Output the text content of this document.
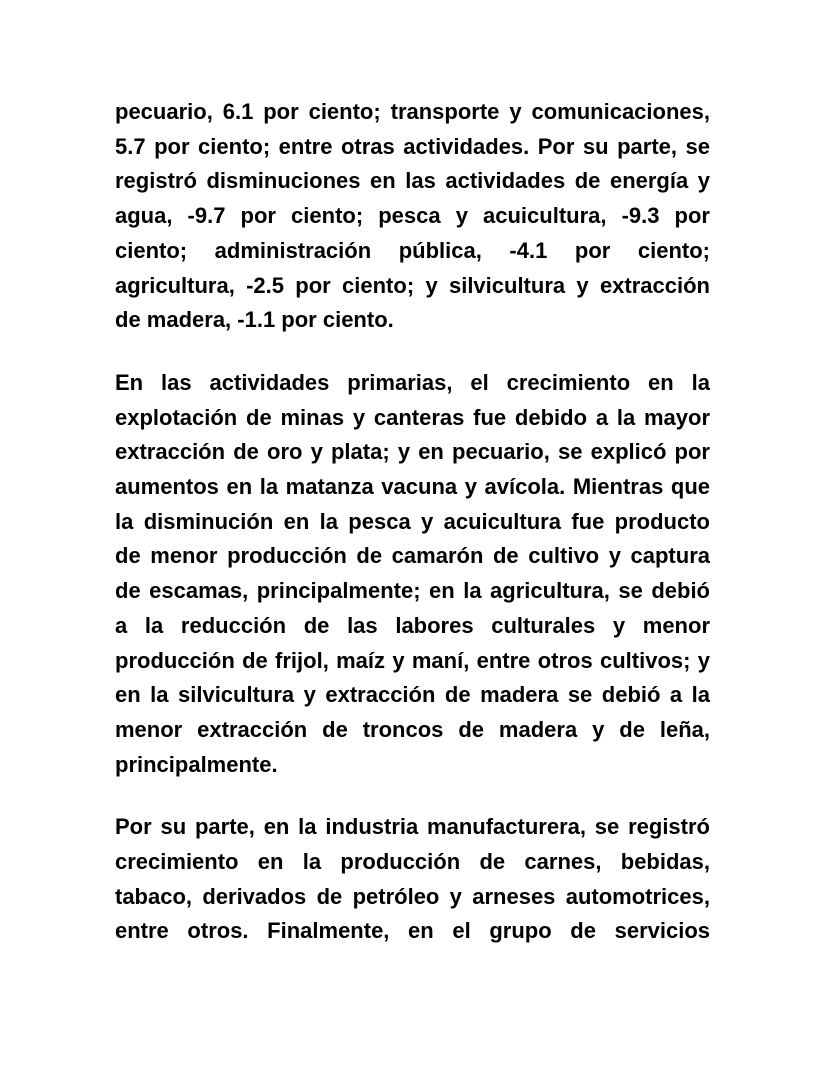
pecuario, 6.1 por ciento; transporte y comunicaciones,
5.7 por ciento; entre otras actividades. Por su parte, se
registró disminuciones en las actividades de energía y
agua, -9.7 por ciento; pesca y acuicultura, -9.3 por
ciento; administración pública, -4.1 por ciento;
agricultura, -2.5 por ciento; y silvicultura y extracción
de madera, -1.1 por ciento.

En las actividades primarias, el crecimiento en la
explotación de minas y canteras fue debido a la mayor
extracción de oro y plata; y en pecuario, se explicó por
aumentos en la matanza vacuna y avícola. Mientras que
la disminución en la pesca y acuicultura fue producto
de menor producción de camarón de cultivo y captura
de escamas, principalmente; en la agricultura, se debió
a la reducción de las labores culturales y menor
producción de frijol, maíz y maní, entre otros cultivos; y
en la silvicultura y extracción de madera se debió a la
menor extracción de troncos de madera y de leña,
principalmente.

Por su parte, en la industria manufacturera, se registró
crecimiento en la producción de carnes, bebidas,
tabaco, derivados de petróleo y arneses automotrices,
entre otros. Finalmente, en el grupo de servicios
